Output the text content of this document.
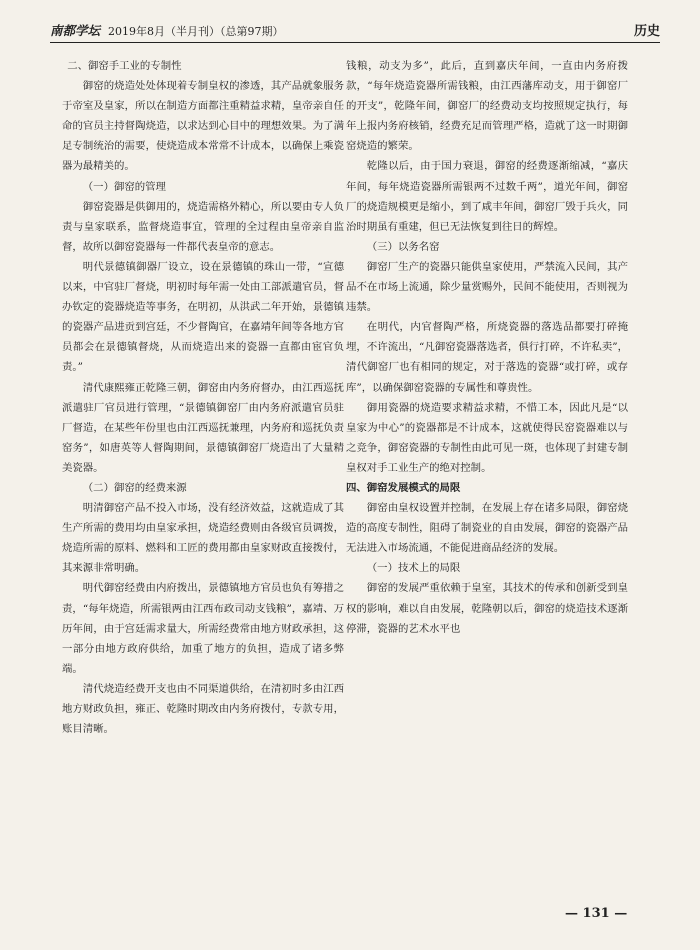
南都学坛 2019年8月（半月刊）（总第97期）	历史
二、御窑手工业的专制性

御窑的烧造处处体现着专制皇权的渗透，其产品就象服务于帝室及皇家，所以在制造方面都注重精益求精，皇帝亲自任命的官员主持督陶烧造，以求达到心目中的理想效果。为了满足专制统治的需要，使烧造成本常常不计成本，以确保上乘瓷器为最精美的。

（一）御窑的管理

御窑瓷器是供御用的，烧造需格外精心，所以要由专人负责与皇家联系，监督烧造事宜，管理的全过程由皇帝亲自监督，故所以御窑瓷器每一件都代表皇帝的意志。

明代景德镇御器厂设立，设在景德镇的珠山一带，“宣德以来，中官驻厂督烧，明初时每年需一处由工部派遣官员，督办钦定的瓷器烧造等事务，在明初，从洪武二年开始，景德镇的瓷器产品进贡到宫廷，不少督陶官，在嘉靖年间等各地方官员都会在景德镇督烧，从而烧造出来的瓷器一直都由宦官负责。”

清代康熙雍正乾隆三朝，御窑由内务府督办，由江西巡抚派遣驻厂官员进行管理，“景德镇御窑厂由内务府派遣官员驻厂督造，在某些年份里也由江西巡抚兼理，内务府和巡抚负责窑务”，如唐英等人督陶期间，景德镇御窑厂烧造出了大量精美瓷器。

（二）御窑的经费来源

明清御窑产品不投入市场，没有经济效益，这就造成了其生产所需的费用均由皇家承担，烧造经费则由各级官员调拨，烧造所需的原料、燃料和工匠的费用都由皇家财政直接拨付，其来源非常明确。

明代御窑经费由内府拨出，景德镇地方官员也负有筹措之责，“每年烧造，所需银两由江西布政司动支钱粮”，嘉靖、万历年间，由于宫廷需求量大，所需经费常由地方财政承担，这一部分由地方政府供给，加重了地方的负担，造成了诸多弊端。

清代烧造经费开支也由不同渠道供给，在清初时多由江西地方财政负担，雍正、乾隆时期改由内务府拨付，专款专用，账目清晰。

钱粮，动支为多”，此后，直到嘉庆年间，一直由内务府拨款，“每年烧造瓷器所需钱粮，由江西藩库动支，用于御窑厂的开支”，乾隆年间，御窑厂的经费动支均按照规定执行，每年上报内务府核销，经费充足而管理严格，造就了这一时期御窑烧造的繁荣。

乾隆以后，由于国力衰退，御窑的经费逐渐缩减，“嘉庆年间，每年烧造瓷器所需银两不过数千两”，道光年间，御窑厂的烧造规模更是缩小，到了咸丰年间，御窑厂毁于兵火，同治时期虽有重建，但已无法恢复到往日的辉煌。

（三）以务名窑

御窑厂生产的瓷器只能供皇家使用，严禁流入民间，其产品不在市场上流通，除少量赏赐外，民间不能使用，否则视为违禁。

在明代，内官督陶严格，所烧瓷器的落选品都要打碎掩埋，不许流出，“凡御窑瓷器落选者，俱行打碎，不许私卖”，清代御窑厂也有相同的规定，对于落选的瓷器“或打碎，或存库”，以确保御窑瓷器的专属性和尊贵性。

御用瓷器的烧造要求精益求精，不惜工本，因此凡是“以皇家为中心”的瓷器都是不计成本，这就使得民窑瓷器难以与之竞争，御窑瓷器的专制性由此可见一斑，也体现了封建专制皇权对手工业生产的绝对控制。

四、御窑发展模式的局限

御窑由皇权设置并控制，在发展上存在诸多局限，御窑烧造的高度专制性，阻碍了制瓷业的自由发展，御窑的瓷器产品无法进入市场流通，不能促进商品经济的发展。

（一）技术上的局限

御窑的发展严重依赖于皇室，其技术的传承和创新受到皇权的影响，难以自由发展，乾隆朝以后，御窑的烧造技术逐渐停滞，瓷器的艺术水平也

— 131 —
